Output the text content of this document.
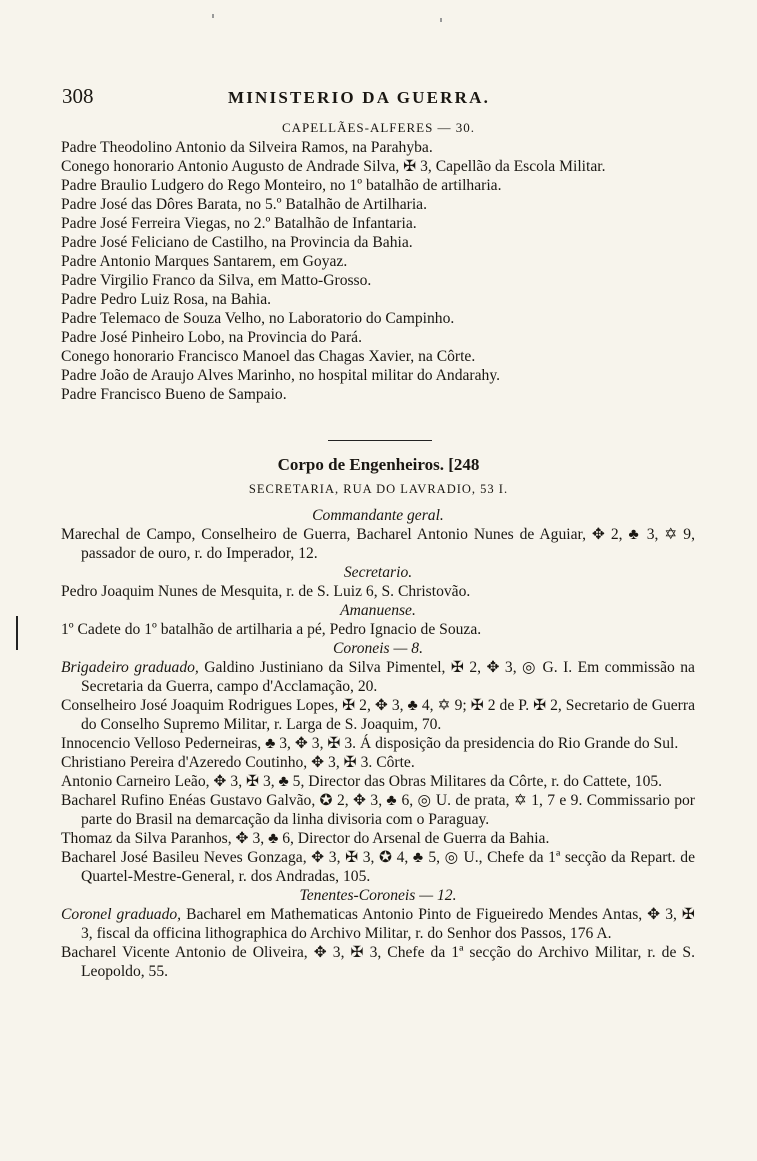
308	MINISTERIO DA GUERRA.
CAPELLÃES-ALFERES — 30.

Padre Theodolino Antonio da Silveira Ramos, na Parahyba.

Conego honorario Antonio Augusto de Andrade Silva, ✠ 3, Capellão da Escola Militar.

Padre Braulio Ludgero do Rego Monteiro, no 1º batalhão de artilharia.

Padre José das Dôres Barata, no 5.º Batalhão de Artilharia.

Padre José Ferreira Viegas, no 2.º Batalhão de Infantaria.

Padre José Feliciano de Castilho, na Provincia da Bahia.

Padre Antonio Marques Santarem, em Goyaz.

Padre Virgilio Franco da Silva, em Matto-Grosso.

Padre Pedro Luiz Rosa, na Bahia.

Padre Telemaco de Souza Velho, no Laboratorio do Campinho.

Padre José Pinheiro Lobo, na Provincia do Pará.

Conego honorario Francisco Manoel das Chagas Xavier, na Côrte.

Padre João de Araujo Alves Marinho, no hospital militar do Andarahy.

Padre Francisco Bueno de Sampaio.

Corpo de Engenheiros. [248
SECRETARIA, RUA DO LAVRADIO, 53 I.

Commandante geral.

Marechal de Campo, Conselheiro de Guerra, Bacharel Antonio Nunes de Aguiar, ✥ 2, ♣ 3, ✡ 9, passador de ouro, r. do Imperador, 12.

Secretario.

Pedro Joaquim Nunes de Mesquita, r. de S. Luiz 6, S. Christovão.

Amanuense.

1º Cadete do 1º batalhão de artilharia a pé, Pedro Ignacio de Souza.

Coroneis — 8.

Brigadeiro graduado, Galdino Justiniano da Silva Pimentel, ✠ 2, ✥ 3, ◎ G. I. Em commissão na Secretaria da Guerra, campo d'Acclamação, 20.

Conselheiro José Joaquim Rodrigues Lopes, ✠ 2, ✥ 3, ♣ 4, ✡ 9; ✠ 2 de P. ✠ 2, Secretario de Guerra do Conselho Supremo Militar, r. Larga de S. Joaquim, 70.

Innocencio Velloso Pederneiras, ♣ 3, ✥ 3, ✠ 3. Á disposição da presidencia do Rio Grande do Sul.

Christiano Pereira d'Azeredo Coutinho, ✥ 3, ✠ 3. Côrte.

Antonio Carneiro Leão, ✥ 3, ✠ 3, ♣ 5, Director das Obras Militares da Côrte, r. do Cattete, 105.

Bacharel Rufino Enéas Gustavo Galvão, ✪ 2, ✥ 3, ♣ 6, ◎ U. de prata, ✡ 1, 7 e 9. Commissario por parte do Brasil na demarcação da linha divisoria com o Paraguay.

Thomaz da Silva Paranhos, ✥ 3, ♣ 6, Director do Arsenal de Guerra da Bahia.

Bacharel José Basileu Neves Gonzaga, ✥ 3, ✠ 3, ✪ 4, ♣ 5, ◎ U., Chefe da 1ª secção da Repart. de Quartel-Mestre-General, r. dos Andradas, 105.

Tenentes-Coroneis — 12.

Coronel graduado, Bacharel em Mathematicas Antonio Pinto de Figueiredo Mendes Antas, ✥ 3, ✠ 3, fiscal da officina lithographica do Archivo Militar, r. do Senhor dos Passos, 176 A.

Bacharel Vicente Antonio de Oliveira, ✥ 3, ✠ 3, Chefe da 1ª secção do Archivo Militar, r. de S. Leopoldo, 55.
